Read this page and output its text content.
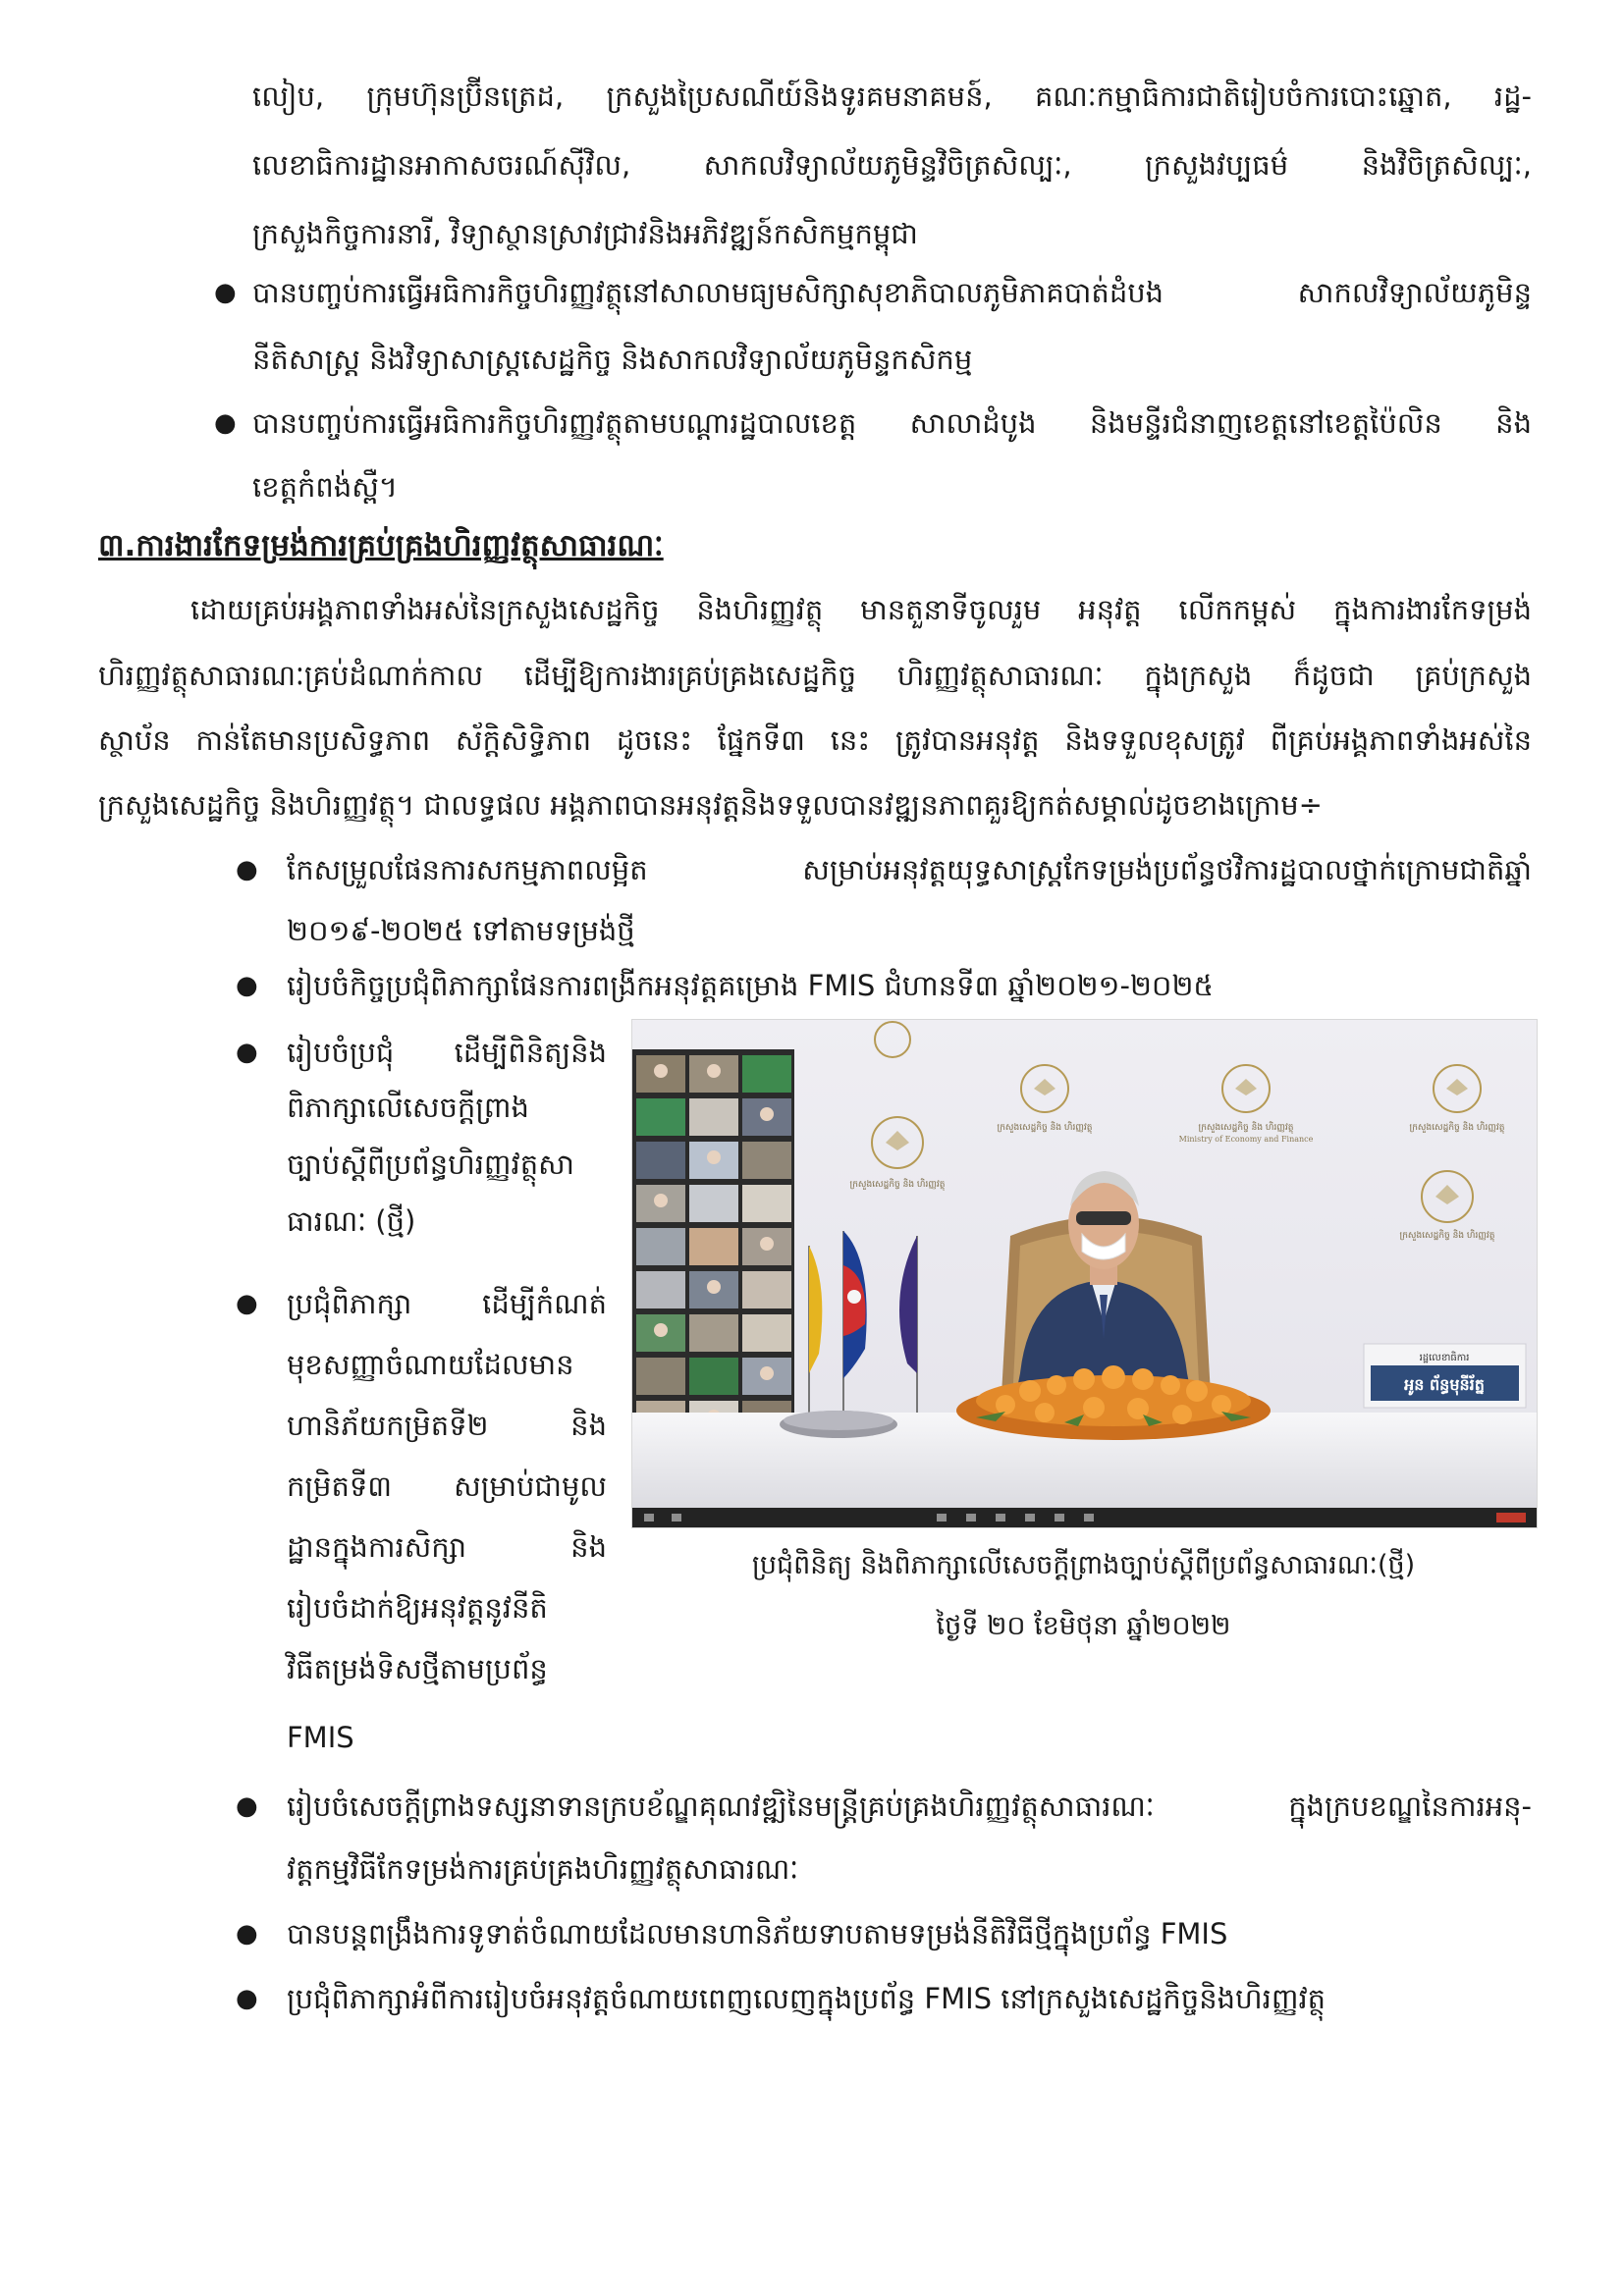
លៀប, ក្រុមហ៊ុនប្រ៊ីនត្រេដ, ក្រសួងប្រៃសណីយ៍និងទូរគមនាគមន៍, គណៈកម្មាធិការជាតិរៀបចំការបោះឆ្នោត, រដ្ឋ-
លេខាធិការដ្ឋានអាកាសចរណ៍ស៊ីវិល, សាកលវិទ្យាល័យភូមិន្ទវិចិត្រសិល្បៈ, ក្រសួងវប្បធម៌ និងវិចិត្រសិល្បៈ,
ក្រសួងកិច្ចការនារី, វិទ្យាស្ថានស្រាវជ្រាវនិងអភិវឌ្ឍន៍កសិកម្មកម្ពុជា
● បានបញ្ចប់ការធ្វើអធិការកិច្ចហិរញ្ញវត្ថុនៅសាលាមធ្យមសិក្សាសុខាភិបាលភូមិភាគបាត់ដំបង សាកលវិទ្យាល័យភូមិន្ទ
នីតិសាស្ត្រ និងវិទ្យាសាស្ត្រសេដ្ឋកិច្ច និងសាកលវិទ្យាល័យភូមិន្ទកសិកម្ម
● បានបញ្ចប់ការធ្វើអធិការកិច្ចហិរញ្ញវត្ថុតាមបណ្តារដ្ឋបាលខេត្ត សាលាដំបូង និងមន្ទីរជំនាញខេត្តនៅខេត្តប៉ៃលិន និង
ខេត្តកំពង់ស្ពឺ។
៣.ការងារកែទម្រង់ការគ្រប់គ្រងហិរញ្ញវត្ថុសាធារណៈ
ដោយគ្រប់អង្គភាពទាំងអស់នៃក្រសួងសេដ្ឋកិច្ច និងហិរញ្ញវត្ថុ មានតួនាទីចូលរួម អនុវត្ត លើកកម្ពស់ ក្នុងការងារកែទម្រង់
ហិរញ្ញវត្ថុសាធារណៈគ្រប់ដំណាក់កាល ដើម្បីឱ្យការងារគ្រប់គ្រងសេដ្ឋកិច្ច ហិរញ្ញវត្ថុសាធារណៈ ក្នុងក្រសួង ក៏ដូចជា គ្រប់ក្រសួង
ស្ថាប័ន កាន់តែមានប្រសិទ្ធភាព ស័ក្តិសិទ្ធិភាព ដូចនេះ ផ្នែកទី៣ នេះ ត្រូវបានអនុវត្ត និងទទួលខុសត្រូវ ពីគ្រប់អង្គភាពទាំងអស់នៃ
ក្រសួងសេដ្ឋកិច្ច និងហិរញ្ញវត្ថុ។ ជាលទ្ធផល អង្គភាពបានអនុវត្តនិងទទួលបានវឌ្ឍនភាពគួរឱ្យកត់សម្គាល់ដូចខាងក្រោម÷
● កែសម្រួលផែនការសកម្មភាពលម្អិត សម្រាប់អនុវត្តយុទ្ធសាស្ត្រកែទម្រង់ប្រព័ន្ធថវិការដ្ឋបាលថ្នាក់ក្រោមជាតិឆ្នាំ
២០១៩-២០២៥ ទៅតាមទម្រង់ថ្មី
● រៀបចំកិច្ចប្រជុំពិភាក្សាផែនការពង្រីកអនុវត្តគម្រោង FMIS ជំហានទី៣ ឆ្នាំ២០២១-២០២៥
● រៀបចំប្រជុំ ដើម្បីពិនិត្យនិង
ពិភាក្សាលើសេចក្តីព្រាង
ច្បាប់ស្តីពីប្រព័ន្ធហិរញ្ញវត្ថុសា
ធារណៈ (ថ្មី)
● ប្រជុំពិភាក្សា ដើម្បីកំណត់
មុខសញ្ញាចំណាយដែលមាន
ហានិភ័យកម្រិតទី២ និង
កម្រិតទី៣ សម្រាប់ជាមូល
ដ្ឋានក្នុងការសិក្សា និង
រៀបចំដាក់ឱ្យអនុវត្តនូវនីតិ
វិធីតម្រង់ទិសថ្មីតាមប្រព័ន្ធ
FMIS
ក្រសួងសេដ្ឋកិច្ច និង ហិរញ្ញវត្ថុ
ក្រសួងសេដ្ឋកិច្ច និង ហិរញ្ញវត្ថុ	ក្រសួងសេដ្ឋកិច្ច និង ហិរញ្ញវត្ថុ
Ministry of Economy and Finance
ក្រសួងសេដ្ឋកិច្ច និង ហិរញ្ញវត្ថុ
ក្រសួងសេដ្ឋកិច្ច និង ហិរញ្ញវត្ថុ
រដ្ឋលេខាធិការ
អូន ព័ន្ធមុនីរ័ត្ន
ប្រជុំពិនិត្យ និងពិភាក្សាលើសេចក្តីព្រាងច្បាប់ស្តីពីប្រព័ន្ធសាធារណៈ(ថ្មី)
ថ្ងៃទី ២០ ខែមិថុនា ឆ្នាំ២០២២
● រៀបចំសេចក្តីព្រាងទស្សនាទានក្របខ័ណ្ឌគុណវឌ្ឍិនៃមន្ត្រីគ្រប់គ្រងហិរញ្ញវត្ថុសាធារណៈ ក្នុងក្របខណ្ឌនៃការអនុ-
វត្តកម្មវិធីកែទម្រង់ការគ្រប់គ្រងហិរញ្ញវត្ថុសាធារណៈ
● បានបន្តពង្រឹងការទូទាត់ចំណាយដែលមានហានិភ័យទាបតាមទម្រង់នីតិវិធីថ្មីក្នុងប្រព័ន្ធ FMIS
● ប្រជុំពិភាក្សាអំពីការរៀបចំអនុវត្តចំណាយពេញលេញក្នុងប្រព័ន្ធ FMIS នៅក្រសួងសេដ្ឋកិច្ចនិងហិរញ្ញវត្ថុ
